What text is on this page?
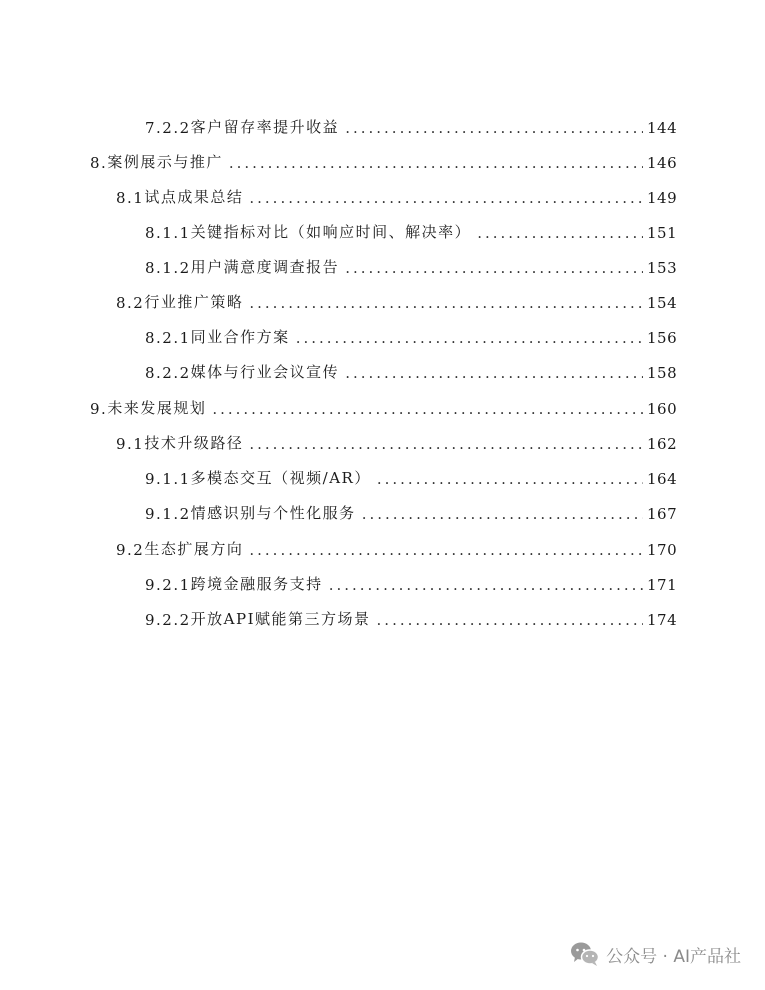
7.2.2 客户留存率提升收益 .....	144
8. 案例展示与推广 .....	146
8.1 试点成果总结 .....	149
8.1.1 关键指标对比（如响应时间、解决率） .....	151
8.1.2 用户满意度调查报告 .....	153
8.2 行业推广策略 .....	154
8.2.1 同业合作方案 .....	156
8.2.2 媒体与行业会议宣传 .....	158
9. 未来发展规划 .....	160
9.1 技术升级路径 .....	162
9.1.1 多模态交互（视频/AR） .....	164
9.1.2 情感识别与个性化服务 .....	167
9.2 生态扩展方向 .....	170
9.2.1 跨境金融服务支持 .....	171
9.2.2 开放API赋能第三方场景 .....	174
公众号 · AI产品社
